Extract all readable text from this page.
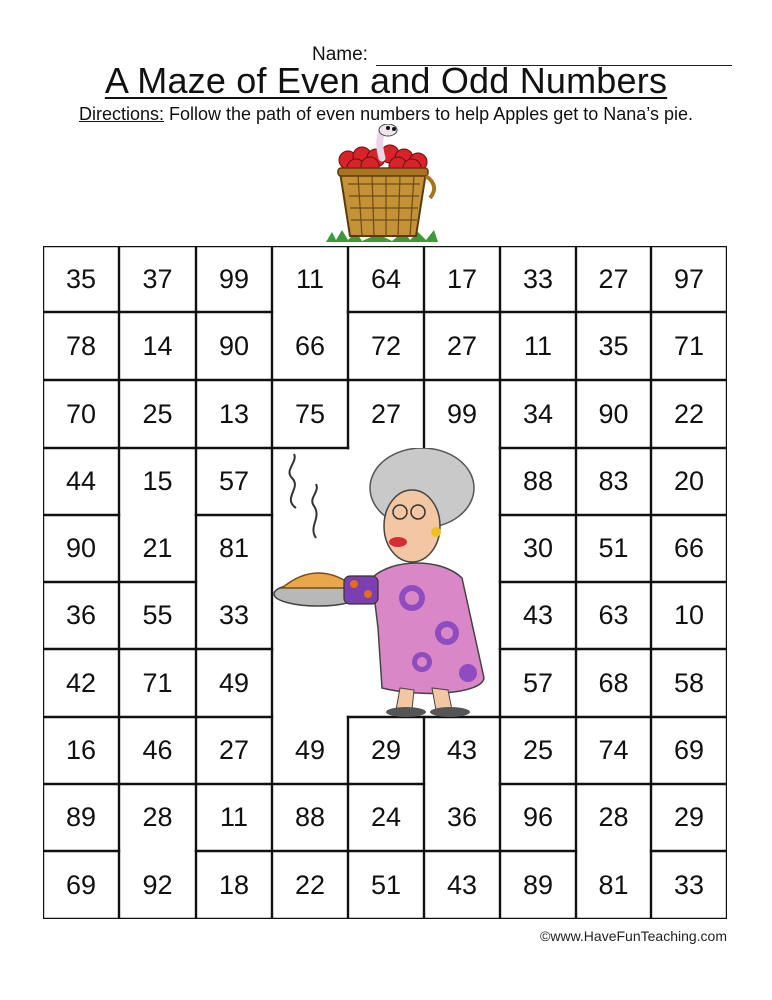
Name:
A Maze of Even and Odd Numbers
Directions: Follow the path of even numbers to help Apples get to Nana’s pie.
35	37	99	11	64	17	33	27	97
78	14	90	66	72	27	11	35	71
70	25	13	75	27	99	34	90	22
44	15	57	88	83	20
90	21	81	30	51	66
36	55	33	43	63	10
42	71	49	57	68	58
16	46	27	49	29	43	25	74	69
89	28	11	88	24	36	96	28	29
69	92	18	22	51	43	89	81	33
©www.HaveFunTeaching.com
